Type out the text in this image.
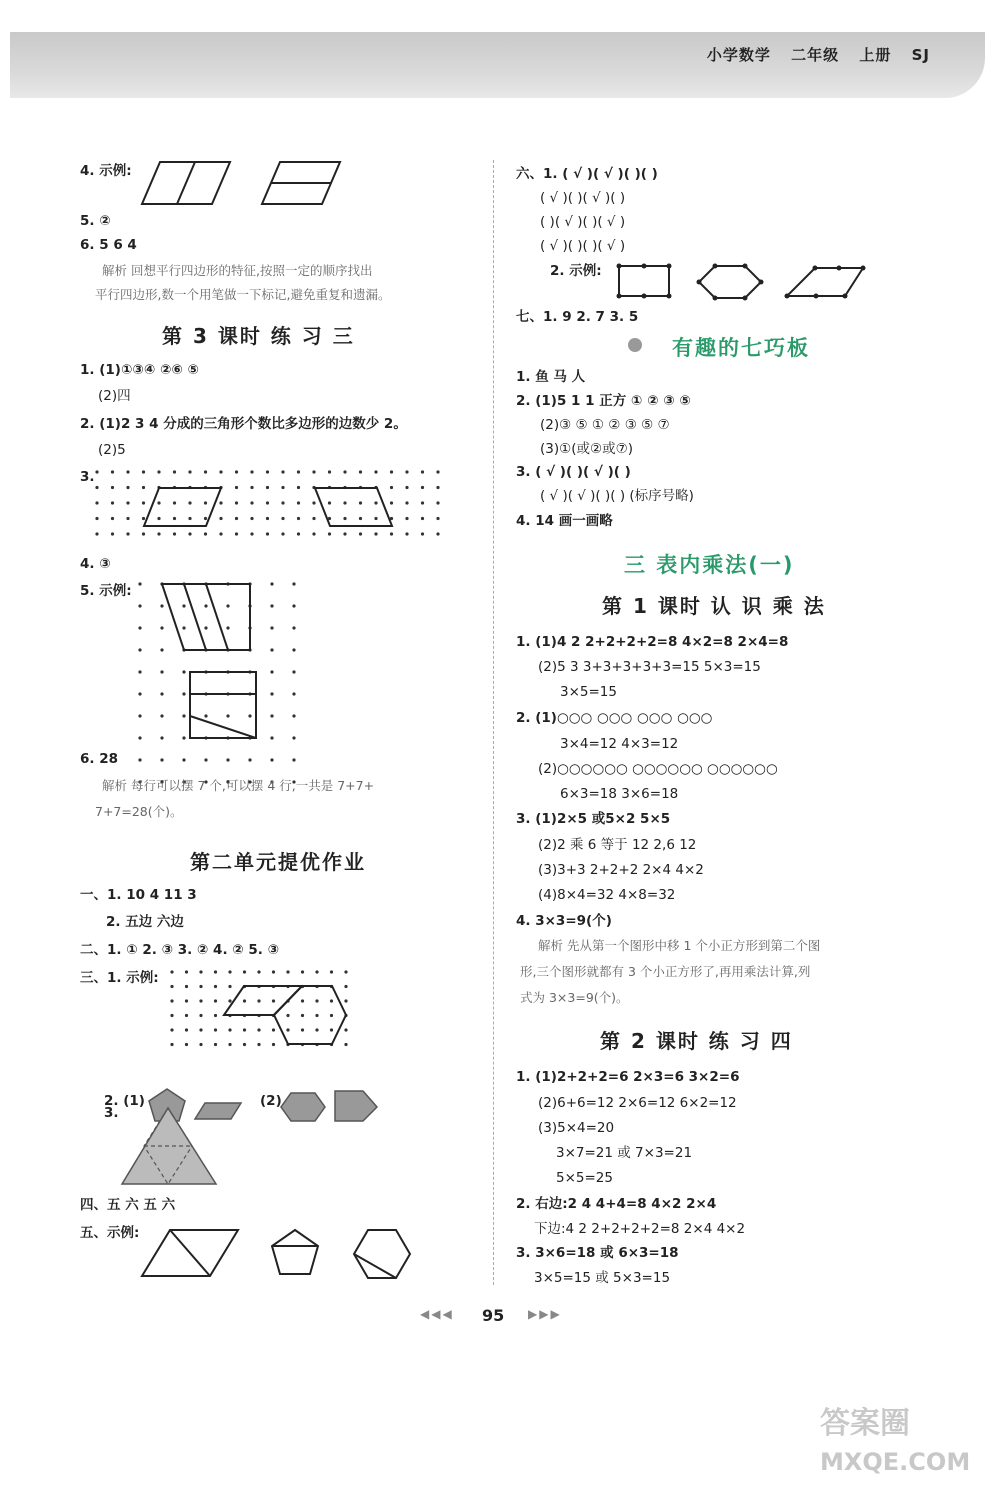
小学数学 二年级 上册 SJ
4. 示例:
5. ②
6. 5 6 4
解析 回想平行四边形的特征,按照一定的顺序找出
平行四边形,数一个用笔做一下标记,避免重复和遗漏。
第 3 课时 练 习 三
1. (1)①③④ ②⑥ ⑤
(2)四
2. (1)2 3 4 分成的三角形个数比多边形的边数少 2。
(2)5
3.
4. ③
5. 示例:
6. 28
解析 每行可以摆 7 个,可以摆 4 行,一共是 7+7+
7+7=28(个)。
第二单元提优作业
一、1. 10 4 11 3
2. 五边 六边
二、1. ① 2. ③ 3. ② 4. ② 5. ③
三、1. 示例:
2. (1)	(2)
3.
四、五 六 五 六
五、示例:
六、1. ( √ )( √ )( )( )
( √ )( )( √ )( )
( )( √ )( )( √ )
( √ )( )( )( √ )
2. 示例:
七、1. 9 2. 7 3. 5
有趣的七巧板
1. 鱼 马 人
2. (1)5 1 1 正方 ① ② ③ ⑤
(2)③ ⑤ ① ② ③ ⑤ ⑦
(3)①(或②或⑦)
3. ( √ )( )( √ )( )
( √ )( √ )( )( ) (标序号略)
4. 14 画一画略
三 表内乘法(一)
第 1 课时 认 识 乘 法
1. (1)4 2 2+2+2+2=8 4×2=8 2×4=8
(2)5 3 3+3+3+3+3=15 5×3=15
3×5=15
2. (1)○○○ ○○○ ○○○ ○○○
3×4=12 4×3=12
(2)○○○○○○ ○○○○○○ ○○○○○○
6×3=18 3×6=18
3. (1)2×5 或5×2 5×5
(2)2 乘 6 等于 12 2,6 12
(3)3+3 2+2+2 2×4 4×2
(4)8×4=32 4×8=32
4. 3×3=9(个)
解析 先从第一个图形中移 1 个小正方形到第二个图
形,三个图形就都有 3 个小正方形了,再用乘法计算,列
式为 3×3=9(个)。
第 2 课时 练 习 四
1. (1)2+2+2=6 2×3=6 3×2=6
(2)6+6=12 2×6=12 6×2=12
(3)5×4=20
3×7=21 或 7×3=21
5×5=25
2. 右边:2 4 4+4=8 4×2 2×4
下边:4 2 2+2+2+2=8 2×4 4×2
3. 3×6=18 或 6×3=18
3×5=15 或 5×3=15
◀◀◀ 95 ▶▶▶
答案圈
MXQE.COM
